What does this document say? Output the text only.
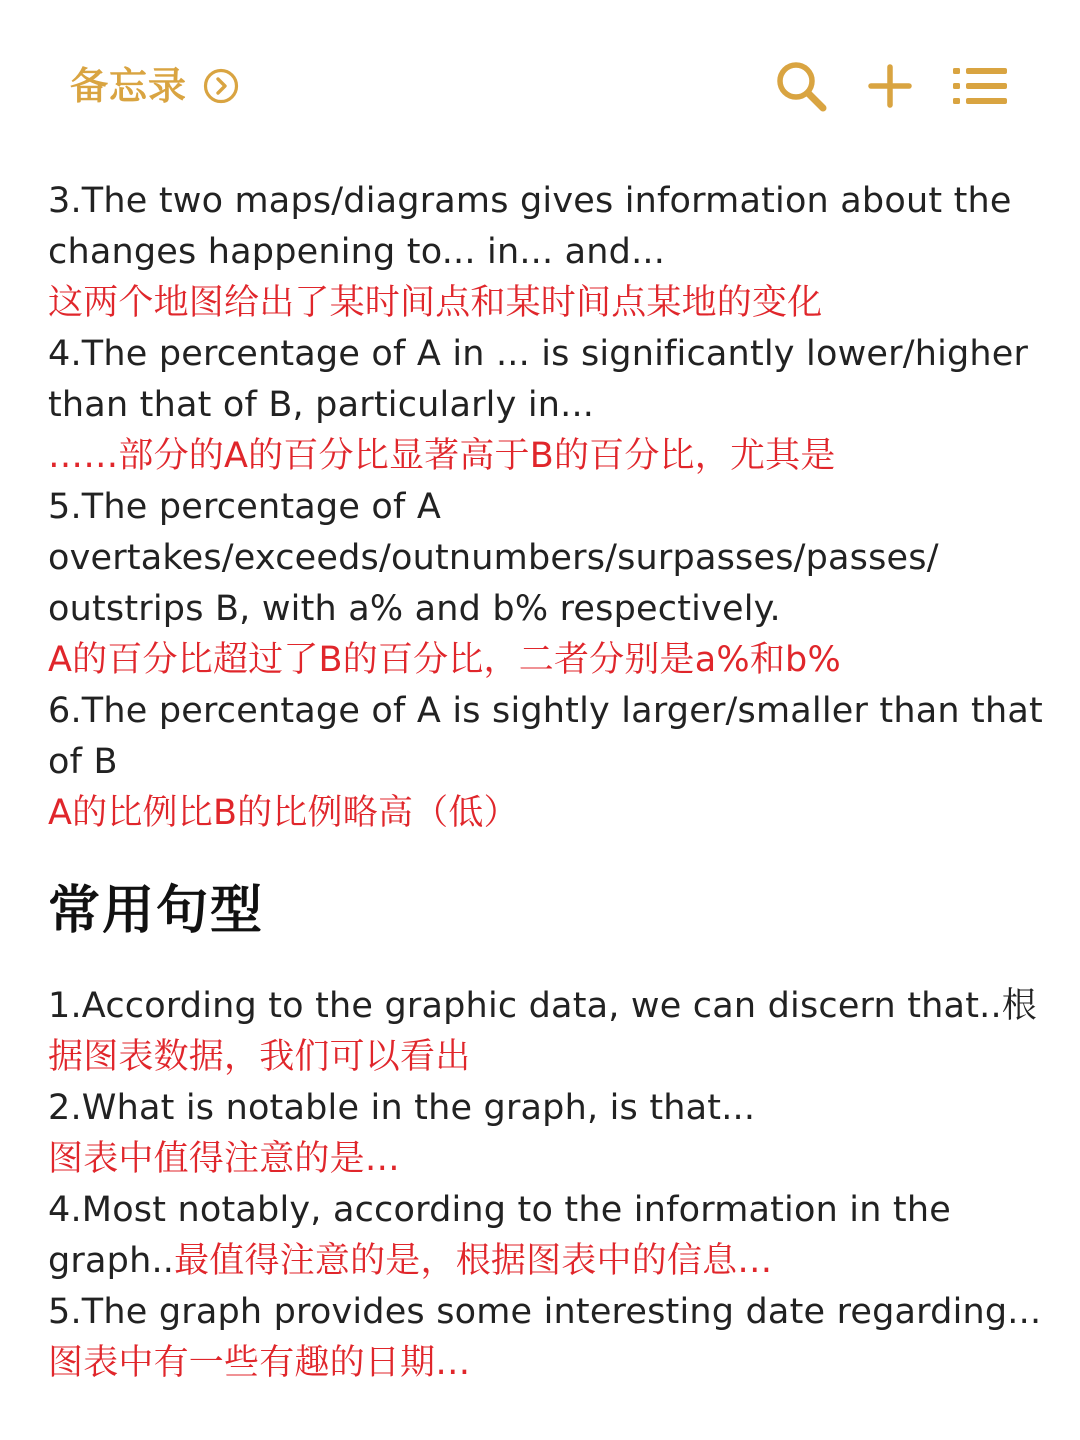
备忘录
3.The two maps/diagrams gives information about the
changes happening to... in... and...
这两个地图给出了某时间点和某时间点某地的变化
4.The percentage of A in ... is significantly lower/higher
than that of B, particularly in...
……部分的A的百分比显著高于B的百分比，尤其是
5.The percentage of A
overtakes/exceeds/outnumbers/surpasses/passes/
outstrips B, with a% and b% respectively.
A的百分比超过了B的百分比，二者分别是a%和b%
6.The percentage of A is sightly larger/smaller than that
of B
A的比例比B的比例略高（低）
常用句型
1.According to the graphic data, we can discern that..根
据图表数据，我们可以看出
2.What is notable in the graph, is that...
图表中值得注意的是…
4.Most notably, according to the information in the
graph..最值得注意的是，根据图表中的信息…
5.The graph provides some interesting date regarding...
图表中有一些有趣的日期…
